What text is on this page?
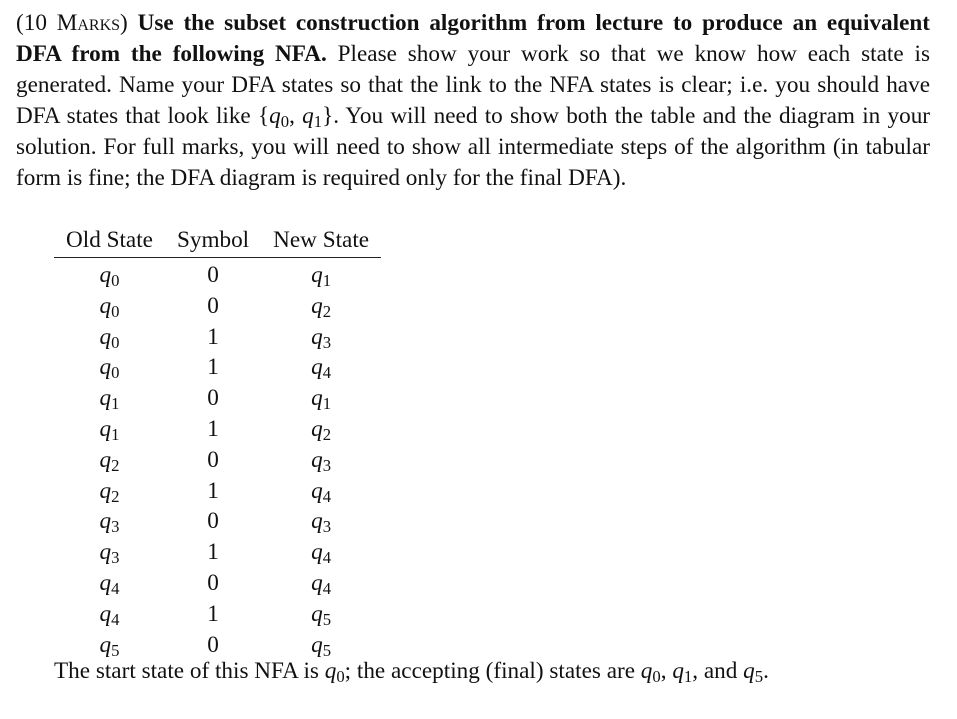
(10 Marks) Use the subset construction algorithm from lecture to produce an equivalent DFA from the following NFA. Please show your work so that we know how each state is generated. Name your DFA states so that the link to the NFA states is clear; i.e. you should have DFA states that look like {$q_0$, $q_1$}. You will need to show both the table and the diagram in your solution. For full marks, you will need to show all intermediate steps of the algorithm (in tabular form is fine; the DFA diagram is required only for the final DFA).
Old State	Symbol	New State
$q_0$	0	$q_1$
$q_0$	0	$q_2$
$q_0$	1	$q_3$
$q_0$	1	$q_4$
$q_1$	0	$q_1$
$q_1$	1	$q_2$
$q_2$	0	$q_3$
$q_2$	1	$q_4$
$q_3$	0	$q_3$
$q_3$	1	$q_4$
$q_4$	0	$q_4$
$q_4$	1	$q_5$
$q_5$	0	$q_5$
The start state of this NFA is $q_0$; the accepting (final) states are $q_0$, $q_1$, and $q_5$.
